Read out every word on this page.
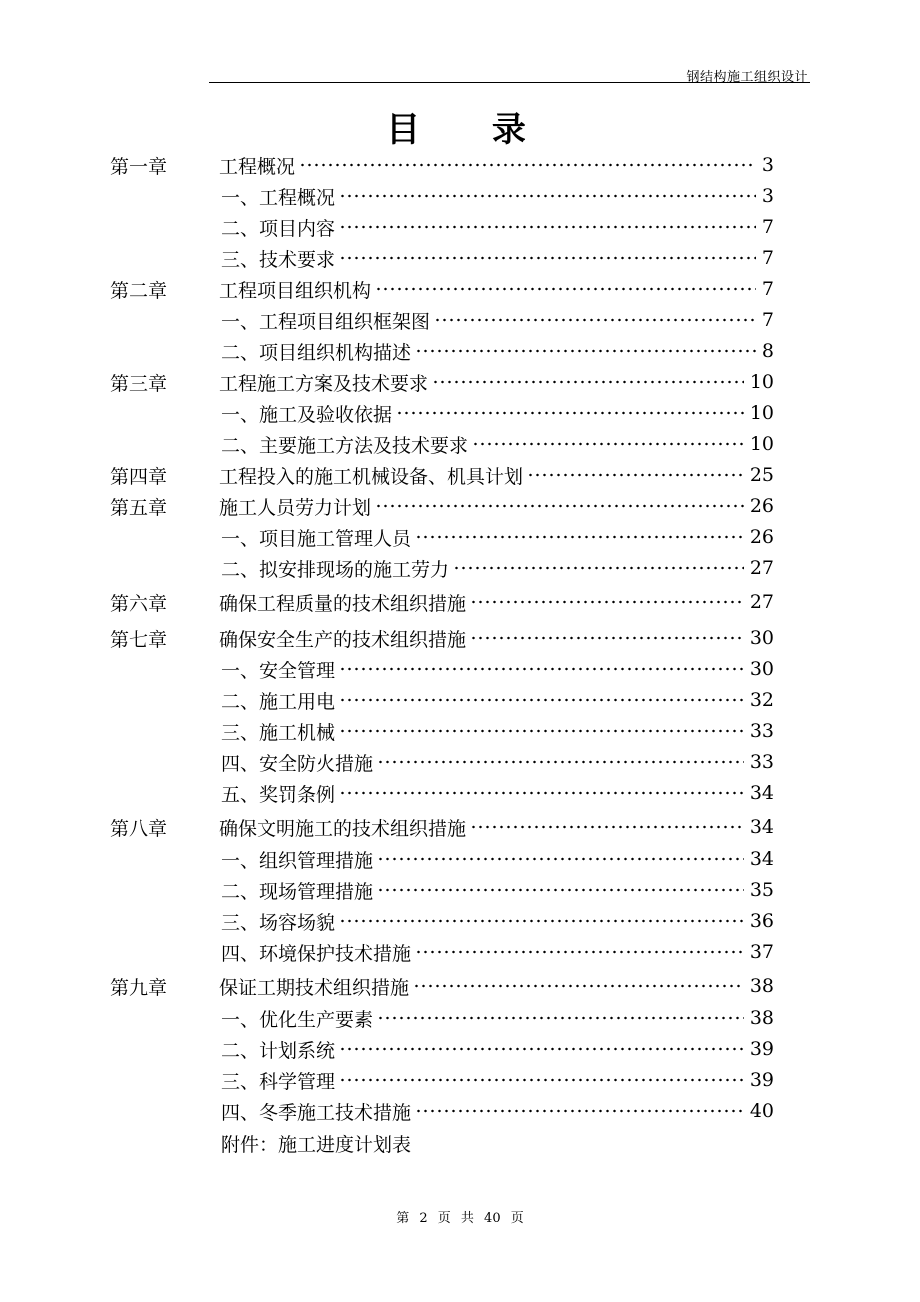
钢结构施工组织设计
目 录
第一章	工程概况	3
一、工程概况	3
二、项目内容	7
三、技术要求	7
第二章	工程项目组织机构	7
一、工程项目组织框架图	7
二、项目组织机构描述	8
第三章	工程施工方案及技术要求	10
一、施工及验收依据	10
二、主要施工方法及技术要求	10
第四章	工程投入的施工机械设备、机具计划	25
第五章	施工人员劳力计划	26
一、项目施工管理人员	26
二、拟安排现场的施工劳力	27
第六章	确保工程质量的技术组织措施	27
第七章	确保安全生产的技术组织措施	30
一、安全管理	30
二、施工用电	32
三、施工机械	33
四、安全防火措施	33
五、奖罚条例	34
第八章	确保文明施工的技术组织措施	34
一、组织管理措施	34
二、现场管理措施	35
三、场容场貌	36
四、环境保护技术措施	37
第九章	保证工期技术组织措施	38
一、优化生产要素	38
二、计划系统	39
三、科学管理	39
四、冬季施工技术措施	40
附件：施工进度计划表
第 2 页 共 40 页
